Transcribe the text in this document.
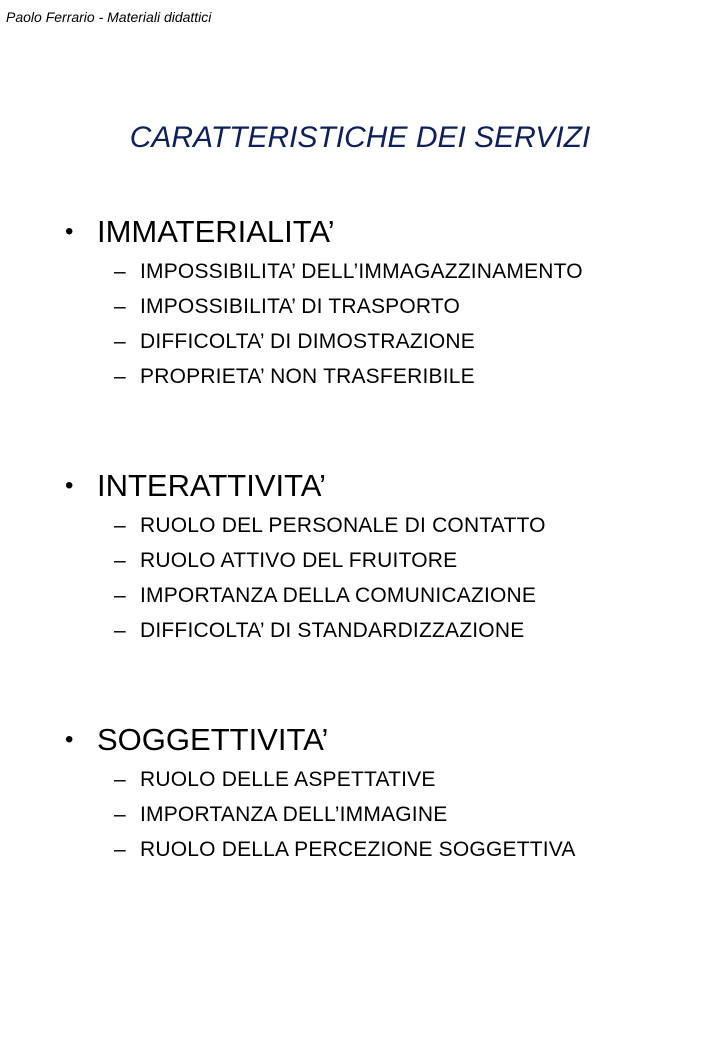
Paolo Ferrario - Materiali didattici
CARATTERISTICHE DEI SERVIZI
• IMMATERIALITA’
– IMPOSSIBILITA’ DELL’IMMAGAZZINAMENTO
– IMPOSSIBILITA’ DI TRASPORTO
– DIFFICOLTA’ DI DIMOSTRAZIONE
– PROPRIETA’ NON TRASFERIBILE
• INTERATTIVITA’
– RUOLO DEL PERSONALE DI CONTATTO
– RUOLO ATTIVO DEL FRUITORE
– IMPORTANZA DELLA COMUNICAZIONE
– DIFFICOLTA’ DI STANDARDIZZAZIONE
• SOGGETTIVITA’
– RUOLO DELLE ASPETTATIVE
– IMPORTANZA DELL’IMMAGINE
– RUOLO DELLA PERCEZIONE SOGGETTIVA
